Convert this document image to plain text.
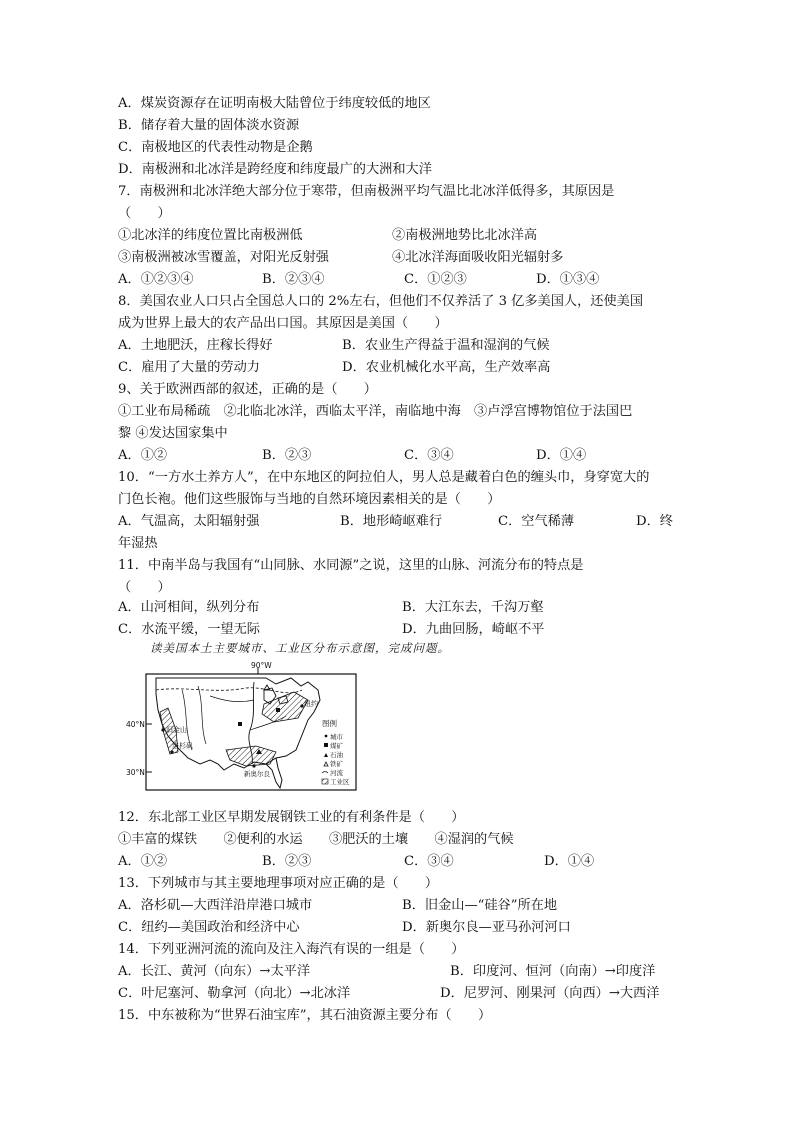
A．煤炭资源存在证明南极大陆曾位于纬度较低的地区
B．储存着大量的固体淡水资源
C．南极地区的代表性动物是企鹅
D．南极洲和北冰洋是跨经度和纬度最广的大洲和大洋
7．南极洲和北冰洋绝大部分位于寒带，但南极洲平均气温比北冰洋低得多，其原因是
（　　）
①北冰洋的纬度位置比南极洲低	②南极洲地势比北冰洋高
③南极洲被冰雪覆盖，对阳光反射强	④北冰洋海面吸收阳光辐射多
A．①②③④	B．②③④	C．①②③	D．①③④
8．美国农业人口只占全国总人口的 2%左右，但他们不仅养活了 3 亿多美国人，还使美国
成为世界上最大的农产品出口国。其原因是美国（　　）
A．土地肥沃，庄稼长得好	B．农业生产得益于温和湿润的气候
C．雇用了大量的劳动力	D．农业机械化水平高，生产效率高
9、关于欧洲西部的叙述，正确的是（　　）
①工业布局稀疏　②北临北冰洋，西临太平洋，南临地中海　③卢浮宫博物馆位于法国巴
黎 ④发达国家集中
A．①②	B．②③	C．③④	D．①④
10．“一方水土养方人”，在中东地区的阿拉伯人，男人总是藏着白色的缠头巾，身穿宽大的
门色长袍。他们这些服饰与当地的自然环境因素相关的是（　　）
A．气温高，太阳辐射强	B．地形崎岖难行	C．空气稀薄	D．终
年湿热
11．中南半岛与我国有“山同脉、水同源”之说，这里的山脉、河流分布的特点是
（　　）
A．山河相间，纵列分布	B．大江东去，千沟万壑
C．水流平缓，一望无际	D．九曲回肠，崎岖不平
读美国本土主要城市、工业区分布示意图，完成问题。
90°W
40°N
30°N
旧金山
洛杉矶
纽约
新奥尔良
图例
城市
煤矿
石油
铁矿
河流
工业区
12．东北部工业区早期发展钢铁工业的有利条件是（　　）
①丰富的煤铁　　②便利的水运　　③肥沃的土壤　　④湿润的气候
A．①②	B．②③	C．③④	D．①④
13．下列城市与其主要地理事项对应正确的是（　　）
A．洛杉矶—大西洋沿岸港口城市	B．旧金山—“硅谷”所在地
C．纽约—美国政治和经济中心	D．新奥尔良—亚马孙河河口
14．下列亚洲河流的流向及注入海汽有误的一组是（　　）
A．长江、黄河（向东）→太平洋	B．印度河、恒河（向南）→印度洋
C．叶尼塞河、勒拿河（向北）→北冰洋	D．尼罗河、刚果河（向西）→大西洋
15．中东被称为“世界石油宝库”，其石油资源主要分布（　　）
